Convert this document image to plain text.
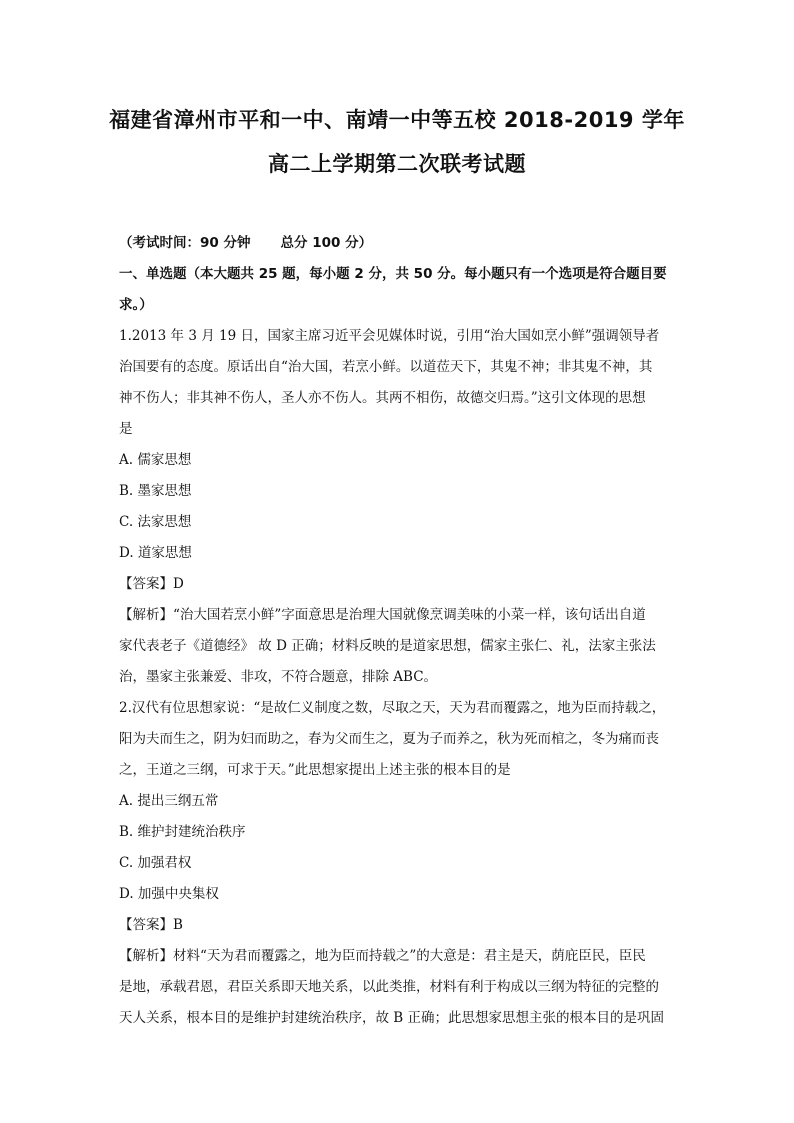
福建省漳州市平和一中、南靖一中等五校 2018-2019 学年
高二上学期第二次联考试题
（考试时间：90 分钟 总分 100 分）
一、单选题（本大题共 25 题，每小题 2 分，共 50 分。每小题只有一个选项是符合题目要
求。）
1.2013 年 3 月 19 日，国家主席习近平会见媒体时说，引用“治大国如烹小鲜”强调领导者
治国要有的态度。原话出自“治大国，若烹小鲜。以道莅天下，其鬼不神；非其鬼不神，其
神不伤人；非其神不伤人，圣人亦不伤人。其两不相伤，故德交归焉。”这引文体现的思想
是
A. 儒家思想
B. 墨家思想
C. 法家思想
D. 道家思想
【答案】D
【解析】“治大国若烹小鲜”字面意思是治理大国就像烹调美味的小菜一样，该句话出自道
家代表老子《道德经》 故 D 正确；材料反映的是道家思想，儒家主张仁、礼，法家主张法
治，墨家主张兼爱、非攻，不符合题意，排除 ABC。
2.汉代有位思想家说：“是故仁义制度之数，尽取之天，天为君而覆露之，地为臣而持载之，
阳为夫而生之，阴为妇而助之，春为父而生之，夏为子而养之，秋为死而棺之，冬为痛而丧
之，王道之三纲，可求于天。”此思想家提出上述主张的根本目的是
A. 提出三纲五常
B. 维护封建统治秩序
C. 加强君权
D. 加强中央集权
【答案】B
【解析】材料“天为君而覆露之，地为臣而持载之”的大意是：君主是天，荫庇臣民，臣民
是地，承载君恩，君臣关系即天地关系，以此类推，材料有利于构成以三纲为特征的完整的
天人关系，根本目的是维护封建统治秩序，故 B 正确；此思想家思想主张的根本目的是巩固
